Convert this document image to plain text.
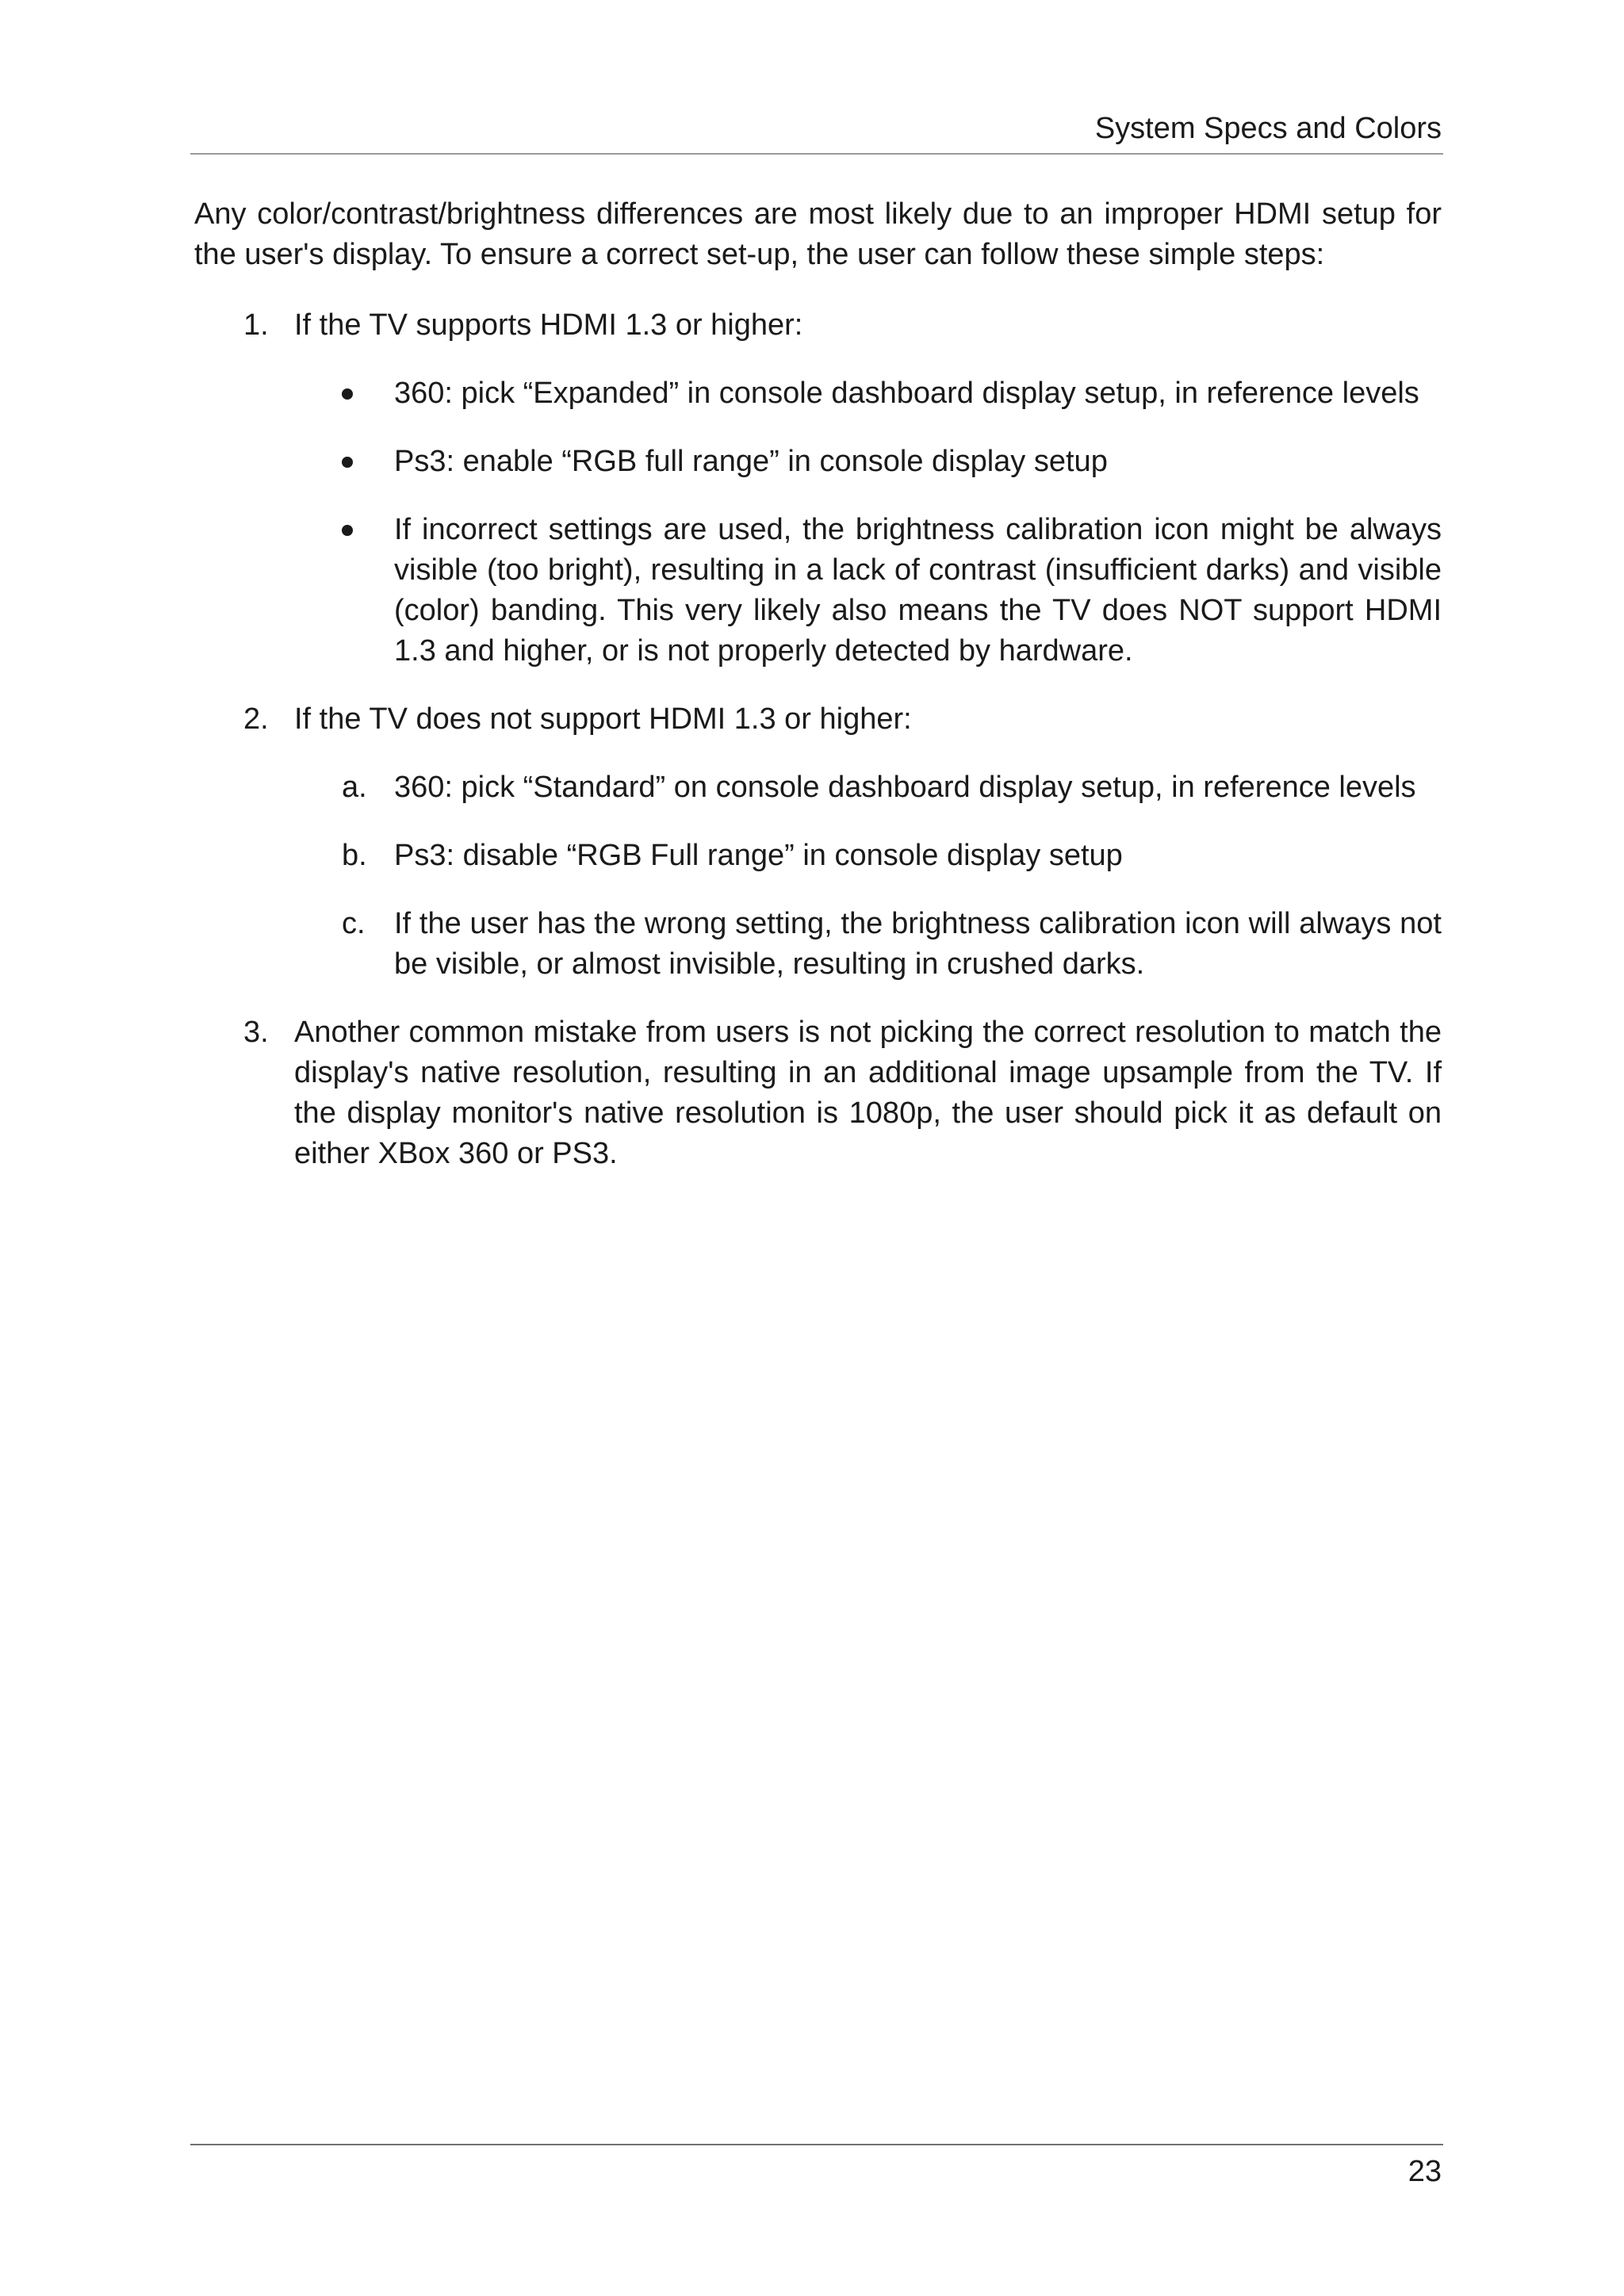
System Specs and Colors

Any color/contrast/brightness differences are most likely due to an improper HDMI setup for the user's display. To ensure a correct set-up, the user can follow these simple steps:

1. If the TV supports HDMI 1.3 or higher:
360: pick “Expanded” in console dashboard display setup, in reference levels
Ps3: enable “RGB full range” in console display setup
If incorrect settings are used, the brightness calibration icon might be always visible (too bright), resulting in a lack of contrast (insufficient darks) and visible (color) banding. This very likely also means the TV does NOT support HDMI 1.3 and higher, or is not properly detected by hardware.
2. If the TV does not support HDMI 1.3 or higher:
a. 360: pick “Standard” on console dashboard display setup, in reference levels
b. Ps3: disable “RGB Full range” in console display setup
c. If the user has the wrong setting, the brightness calibration icon will always not be visible, or almost invisible, resulting in crushed darks.
3. Another common mistake from users is not picking the correct resolution to match the display's native resolution, resulting in an additional image upsample from the TV. If the display monitor's native resolution is 1080p, the user should pick it as default on either XBox 360 or PS3.
23
